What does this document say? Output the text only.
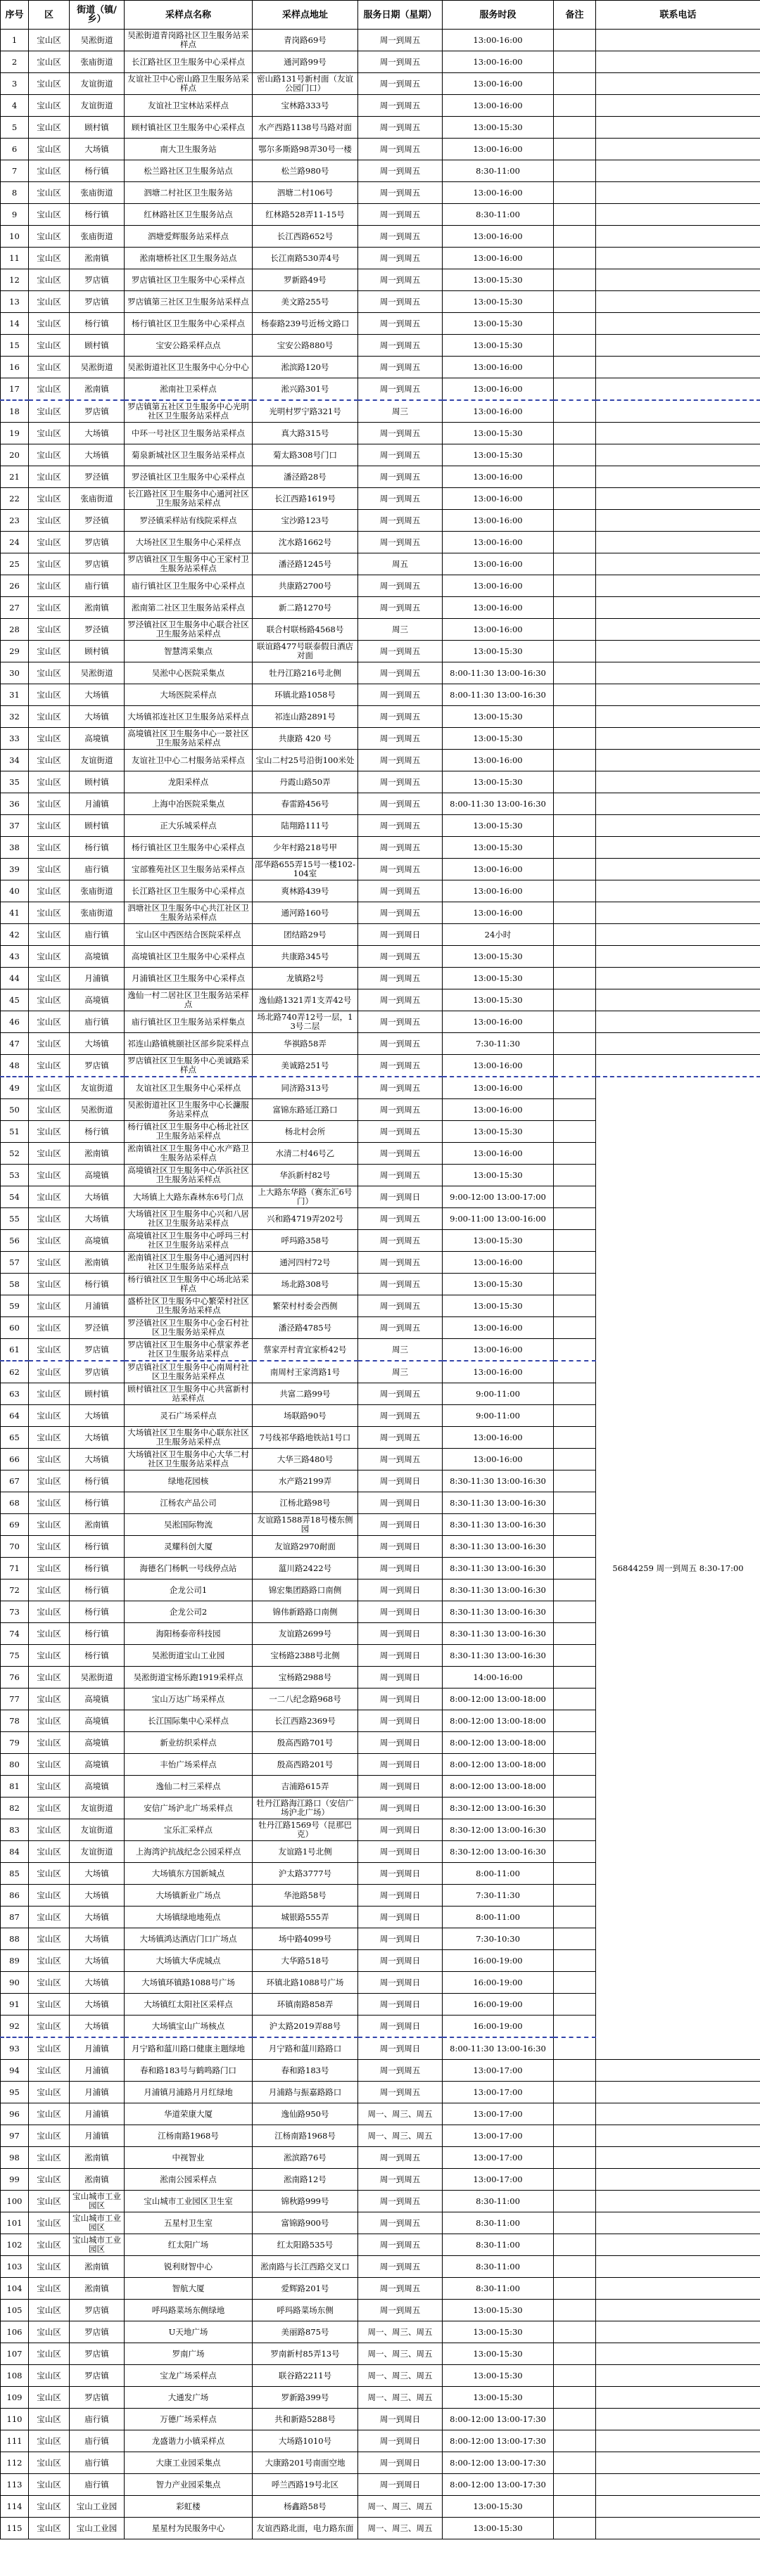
序号	区	街道（镇/乡）	采样点名称	采样点地址	服务日期（星期）	服务时段	备注	联系电话
1	宝山区	吴淞街道	吴淞街道青岗路社区卫生服务站采样点	青岗路69号	周一到周五	13:00-16:00		
2	宝山区	张庙街道	长江路社区卫生服务中心采样点	通河路99号	周一到周五	13:00-16:00		
3	宝山区	友谊街道	友谊社卫中心密山路卫生服务站采样点	密山路131号新村面（友谊公园门口）	周一到周五	13:00-16:00		
4	宝山区	友谊街道	友谊社卫宝林站采样点	宝林路333号	周一到周五	13:00-16:00		
5	宝山区	顾村镇	顾村镇社区卫生服务中心采样点	水产西路1138号马路对面	周一到周五	13:00-15:30		
6	宝山区	大场镇	南大卫生服务站	鄂尔多斯路98弄30号一楼	周一到周五	13:00-16:00		
7	宝山区	杨行镇	松兰路社区卫生服务站点	松兰路980号	周一到周五	8:30-11:00		
8	宝山区	张庙街道	泗塘二村社区卫生服务站	泗塘二村106号	周一到周五	13:00-16:00		
9	宝山区	杨行镇	红林路社区卫生服务站点	红林路528弄11-15号	周一到周五	8:30-11:00		
10	宝山区	张庙街道	泗塘爱辉服务站采样点	长江西路652号	周一到周五	13:00-16:00		
11	宝山区	淞南镇	淞南塘桥社区卫生服务站点	长江南路530弄4号	周一到周五	13:00-16:00		
12	宝山区	罗店镇	罗店镇社区卫生服务中心采样点	罗新路49号	周一到周五	13:00-15:30		
13	宝山区	罗店镇	罗店镇第三社区卫生服务站采样点	美文路255号	周一到周五	13:00-15:30		
14	宝山区	杨行镇	杨行镇社区卫生服务中心采样点	杨泰路239号近杨文路口	周一到周五	13:00-15:30		
15	宝山区	顾村镇	宝安公路采样点点	宝安公路880号	周一到周五	13:00-15:30		
16	宝山区	吴淞街道	吴淞街道社区卫生服务中心分中心	淞滨路120号	周一到周五	13:00-16:00		
17	宝山区	淞南镇	淞南社卫采样点	淞兴路301号	周一到周五	13:00-16:00		
18	宝山区	罗店镇	罗店镇第五社区卫生服务中心光明社区卫生服务站采样点	光明村罗宁路321号	周三	13:00-16:00		
19	宝山区	大场镇	中环一号社区卫生服务站采样点	真大路315号	周一到周五	13:00-15:30		
20	宝山区	大场镇	菊泉新城社区卫生服务站采样点	菊太路308号门口	周一到周五	13:00-15:30		
21	宝山区	罗泾镇	罗泾镇社区卫生服务中心采样点	潘泾路28号	周一到周五	13:00-16:00		
22	宝山区	张庙街道	长江路社区卫生服务中心通河社区卫生服务站采样点	长江西路1619号	周一到周五	13:00-16:00		
23	宝山区	罗泾镇	罗泾镇采样站有线院采样点	宝沙路123号	周一到周五	13:00-16:00		
24	宝山区	罗店镇	大场社区卫生服务中心采样点	沈水路1662号	周一到周五	13:00-16:00		
25	宝山区	罗店镇	罗店镇社区卫生服务中心王家村卫生服务站采样点	潘泾路1245号	周五	13:00-16:00		
26	宝山区	庙行镇	庙行镇社区卫生服务中心采样点	共康路2700号	周一到周五	13:00-16:00		
27	宝山区	淞南镇	淞南第二社区卫生服务站采样点	新二路1270号	周一到周五	13:00-16:00		
28	宝山区	罗泾镇	罗泾镇社区卫生服务中心联合社区卫生服务站采样点	联合村联杨路4568号	周三	13:00-16:00		
29	宝山区	顾村镇	智慧湾采集点	联谊路477号联泰假日酒店对面	周一到周五	13:00-15:30		
30	宝山区	吴淞街道	吴淞中心医院采集点	牡丹江路216号北侧	周一到周五	8:00-11:30 13:00-16:30		
31	宝山区	大场镇	大场医院采样点	环镇北路1058号	周一到周五	8:00-11:30 13:00-16:30		
32	宝山区	大场镇	大场镇祁连社区卫生服务站采样点	祁连山路2891号	周一到周五	13:00-15:30		
33	宝山区	高境镇	高境镇社区卫生服务中心一景社区卫生服务站采样点	共康路 420 号	周一到周五	13:00-15:30		
34	宝山区	友谊街道	友谊社卫中心二村服务站采样点	宝山二村25号沿街100米处	周一到周五	13:00-16:00		
35	宝山区	顾村镇	龙阳采样点	丹霞山路50弄	周一到周五	13:00-15:30		
36	宝山区	月浦镇	上海中冶医院采集点	春雷路456号	周一到周五	8:00-11:30 13:00-16:30		
37	宝山区	顾村镇	正大乐城采样点	陆翔路111号	周一到周五	13:00-15:30		
38	宝山区	杨行镇	杨行镇社区卫生服务中心采样点	少年村路218号甲	周一到周五	13:00-15:30		
39	宝山区	庙行镇	宝部雅苑社区卫生服务站采样点	邵华路655弄15号一楼102-104室	周一到周五	13:00-16:00		
40	宝山区	张庙街道	长江路社区卫生服务中心采样点	爽林路439号	周一到周五	13:00-16:00		
41	宝山区	张庙街道	泗塘社区卫生服务中心共江社区卫生服务站采样点	通河路160号	周一到周五	13:00-16:00		
42	宝山区	庙行镇	宝山区中西医结合医院采样点	团结路29号	周一到周日	24小时		
43	宝山区	高境镇	高境镇社区卫生服务中心采样点	共康路345号	周一到周五	13:00-15:30		
44	宝山区	月浦镇	月浦镇社区卫生服务中心采样点	龙镇路2号	周一到周五	13:00-15:30		
45	宝山区	高境镇	逸仙一村二居社区卫生服务站采样点	逸仙路1321弄1支弄42号	周一到周五	13:00-15:30		
46	宝山区	庙行镇	庙行镇社区卫生服务站采样集点	场北路740弄12号一层，13号二层	周一到周五	13:00-16:00		
47	宝山区	大场镇	祁连山路镇桃颐社区部乡院采样点	华祺路58弄	周一到周五	7:30-11:30		
48	宝山区	罗店镇	罗店镇社区卫生服务中心美诚路采样点	美诚路251号	周一到周五	13:00-16:00		
49	宝山区	友谊街道	友谊社区卫生服务中心采样点	同济路313号	周一到周五	13:00-16:00		56844259 周一到周五 8:30-17:00
50	宝山区	吴淞街道	吴淞街道社区卫生服务中心长濂服务站采样点	富锦东路延江路口	周一到周五	13:00-16:00		
51	宝山区	杨行镇	杨行镇社区卫生服务中心杨北社区卫生服务站采样点	杨北村会所	周一到周五	13:00-15:30		
52	宝山区	淞南镇	淞南镇社区卫生服务中心水产路卫生服务站采样点	水清二村46号乙	周一到周五	13:00-16:00		
53	宝山区	高境镇	高境镇社区卫生服务中心华浜社区卫生服务站采样点	华浜新村82号	周一到周五	13:00-15:30		
54	宝山区	大场镇	大场镇上大路东森林东6号门点	上大路东华路（赛东汇6号门）	周一到周日	9:00-12:00 13:00-17:00		
55	宝山区	大场镇	大场镇社区卫生服务中心兴和八居社区卫生服务站采样点	兴和路4719弄202号	周一到周五	9:00-11:00 13:00-16:00		
56	宝山区	高境镇	高境镇社区卫生服务中心呼玛三村社区卫生服务站采样点	呼玛路358号	周一到周五	13:00-15:30		
57	宝山区	淞南镇	淞南镇社区卫生服务中心通河四村社区卫生服务站采样点	通河四村72号	周一到周五	13:00-16:00		
58	宝山区	杨行镇	杨行镇社区卫生服务中心场北站采样点	场北路308号	周一到周五	13:00-15:30		
59	宝山区	月浦镇	盛桥社区卫生服务中心繁荣村社区卫生服务站采样点	繁荣村村委会西侧	周一到周五	13:00-15:30		
60	宝山区	罗泾镇	罗泾镇社区卫生服务中心金石村社区卫生服务站采样点	潘泾路4785号	周一到周五	13:00-16:00		
61	宝山区	罗店镇	罗店镇社区卫生服务中心蔡家养老社区卫生服务站采样点	蔡家弄村青宜家桥42号	周三	13:00-16:00		
62	宝山区	罗店镇	罗店镇社区卫生服务中心南周村社区卫生服务站采样点	南周村王家湾路1号	周三	13:00-16:00		
63	宝山区	顾村镇	顾村镇社区卫生服务中心共富新村站采样点	共富二路99号	周一到周五	9:00-11:00		
64	宝山区	大场镇	灵石广场采样点	场联路90号	周一到周五	9:00-11:00		
65	宝山区	大场镇	大场镇社区卫生服务中心联东社区卫生服务站采样点	7号线祁华路地铁站1号口	周一到周五	13:00-16:00		
66	宝山区	大场镇	大场镇社区卫生服务中心大华二村社区卫生服务站采样点	大华三路480号	周一到周五	13:00-16:00		
67	宝山区	杨行镇	绿地花园核	水产路2199弄	周一到周日	8:30-11:30 13:00-16:30		
68	宝山区	杨行镇	江杨农产品公司	江杨北路98号	周一到周日	8:30-11:30 13:00-16:30		
69	宝山区	淞南镇	吴淞国际物流	友谊路1588弄18号楼东侧园	周一到周日	8:30-11:30 13:00-16:30		
70	宝山区	杨行镇	灵耀科创大厦	友谊路2970耐面	周一到周日	8:30-11:30 13:00-16:30		
71	宝山区	杨行镇	海德名门杨帆一号线停点站	蕰川路2422号	周一到周日	8:30-11:30 13:00-16:30		
72	宝山区	杨行镇	企龙公司1	锦宏集团路路口南侧	周一到周日	8:30-11:30 13:00-16:30		
73	宝山区	杨行镇	企龙公司2	锦伟新路路口南侧	周一到周日	8:30-11:30 13:00-16:30		
74	宝山区	杨行镇	海阳杨泰帝科技园	友谊路2699号	周一到周日	8:30-11:30 13:00-16:30		
75	宝山区	杨行镇	吴淞街道宝山工业园	宝杨路2388号北侧	周一到周日	8:30-11:30 13:00-16:30		
76	宝山区	吴淞街道	吴淞街道宝杨乐跑1919采样点	宝杨路2988号	周一到周日	14:00-16:00		
77	宝山区	高境镇	宝山万达广场采样点	一二八纪念路968号	周一到周日	8:00-12:00 13:00-18:00		
78	宝山区	高境镇	长江国际集中心采样点	长江西路2369号	周一到周日	8:00-12:00 13:00-18:00		
79	宝山区	高境镇	新业纺织采样点	殷高西路701号	周一到周日	8:00-12:00 13:00-18:00		
80	宝山区	高境镇	丰怡广场采样点	殷高西路201号	周一到周日	8:00-12:00 13:00-18:00		
81	宝山区	高境镇	逸仙二村三采样点	吉浦路615弄	周一到周日	8:00-12:00 13:00-18:00		
82	宝山区	友谊街道	安信广场沪北广场采样点	牡丹江路海江路口（安信广场沪北广场）	周一到周日	8:30-12:00 13:00-16:30		
83	宝山区	友谊街道	宝乐汇采样点	牡丹江路1569号（昆那巴克）	周一到周日	8:30-12:00 13:00-16:30		
84	宝山区	友谊街道	上海湾沪抗战纪念公园采样点	友谊路1号北侧	周一到周日	8:30-12:00 13:00-16:30		
85	宝山区	大场镇	大场镇东方国新城点	沪太路3777号	周一到周日	8:00-11:00		
86	宝山区	大场镇	大场镇新业广场点	华池路58号	周一到周日	7:30-11:30		
87	宝山区	大场镇	大场镇绿地地苑点	城银路555弄	周一到周日	8:00-11:00		
88	宝山区	大场镇	大场镇鸿达酒店门口广场点	场中路4099号	周一到周日	7:30-10:30		
89	宝山区	大场镇	大场镇大华虎城点	大华路518号	周一到周日	16:00-19:00		
90	宝山区	大场镇	大场镇环镇路1088号广场	环镇北路1088号广场	周一到周日	16:00-19:00		
91	宝山区	大场镇	大场镇红太阳社区采样点	环镇南路858弄	周一到周日	16:00-19:00		
92	宝山区	大场镇	大场镇宝山广场核点	沪太路2019弄88号	周一到周日	16:00-19:00		
93	宝山区	月浦镇	月宁路和蕰川路口健康主题绿地	月宁路和蕰川路路口	周一到周日	8:00-11:30 13:00-16:30		
94	宝山区	月浦镇	春和路183号与鹤鸣路门口	春和路183号	周一到周五	13:00-17:00		
95	宝山区	月浦镇	月浦镇月浦路月月红绿地	月浦路与振嘉路路口	周一到周五	13:00-17:00		
96	宝山区	月浦镇	华道荣康大厦	逸仙路950号	周一、周三、周五	13:00-17:00		
97	宝山区	月浦镇	江杨南路1968号	江杨南路1968号	周一、周三、周五	13:00-17:00		
98	宝山区	淞南镇	中视智业	淞滨路76号	周一到周五	13:00-17:00		
99	宝山区	淞南镇	淞南公园采样点	淞南路12号	周一到周五	13:00-17:00		
100	宝山区	宝山城市工业园区	宝山城市工业园区卫生室	锦秋路999号	周一到周五	8:30-11:00		
101	宝山区	宝山城市工业园区	五星村卫生室	富锦路900号	周一到周五	8:30-11:00		
102	宝山区	宝山城市工业园区	红太阳广场	红太阳路535号	周一到周五	8:30-11:00		
103	宝山区	淞南镇	锐利财智中心	淞南路与长江西路交叉口	周一到周五	8:30-11:00		
104	宝山区	淞南镇	智航大厦	爱辉路201号	周一到周五	8:30-11:00		
105	宝山区	罗店镇	呼玛路菜场东侧绿地	呼玛路菜场东侧	周一到周五	13:00-15:30		
106	宝山区	罗店镇	U天地广场	美丽路875号	周一、周三、周五	13:00-15:30		
107	宝山区	罗店镇	罗南广场	罗南新村85弄13号	周一、周三、周五	13:00-15:30		
108	宝山区	罗店镇	宝龙广场采样点	联谷路2211号	周一、周三、周五	13:00-15:30		
109	宝山区	罗店镇	大通发广场	罗新路399号	周一、周三、周五	13:00-15:30		
110	宝山区	庙行镇	万德广场采样点	共和新路5288号	周一到周日	8:00-12:00 13:00-17:30		
111	宝山区	庙行镇	龙盛谐力小镇采样点	大场路1010号	周一到周日	8:00-12:00 13:00-17:30		
112	宝山区	庙行镇	大康工业园采集点	大康路201号南面空地	周一到周日	8:00-12:00 13:00-17:30		
113	宝山区	庙行镇	智力产业园采集点	呼兰西路19号北区	周一到周日	8:00-12:00 13:00-17:30		
114	宝山区	宝山工业园	彩虹楼	杨鑫路58号	周一、周三、周五	13:00-15:30		
115	宝山区	宝山工业园	星星村为民服务中心	友谊西路北面，电力路东面	周一、周三、周五	13:00-15:30		
